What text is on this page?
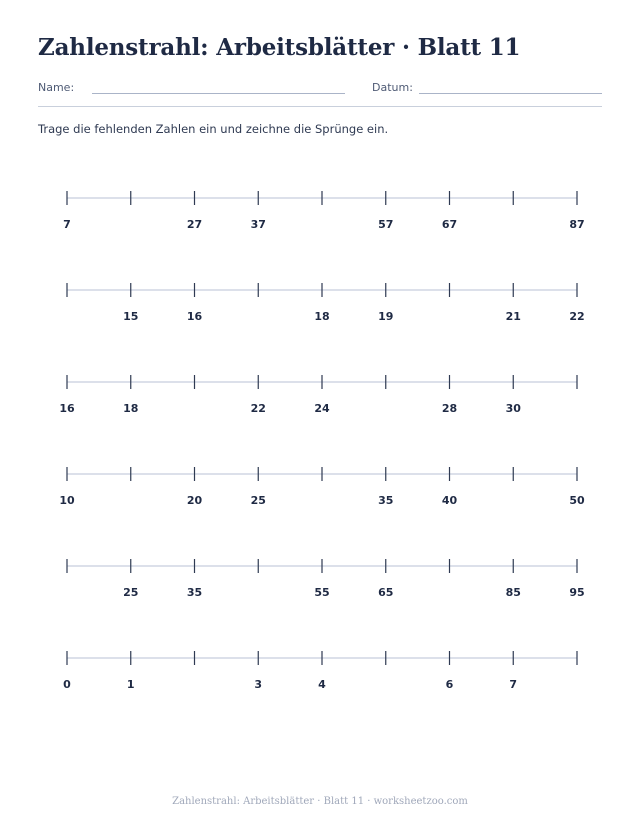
Zahlenstrahl: Arbeitsblätter · Blatt 11
Name:	Datum:
Trage die fehlenden Zahlen ein und zeichne die Sprünge ein.
7	27	37	57	67	87
15	16	18	19	21	22
16	18	22	24	28	30
10	20	25	35	40	50
25	35	55	65	85	95
0	1	3	4	6	7
Zahlenstrahl: Arbeitsblätter · Blatt 11 · worksheetzoo.com
